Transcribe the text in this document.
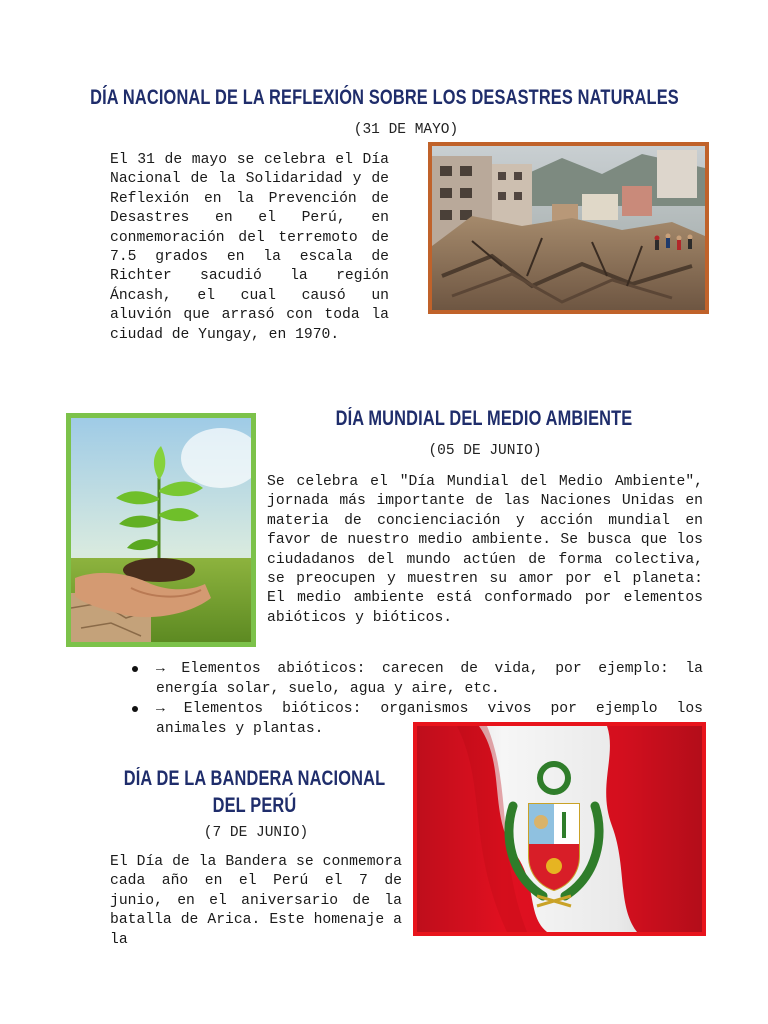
DÍA NACIONAL DE LA REFLEXIÓN SOBRE LOS DESASTRES NATURALES

(31 DE MAYO)

El 31 de mayo se celebra el Día Nacional de la Solidaridad y de Reflexión en la Prevención de Desastres en el Perú, en conmemoración del terremoto de 7.5 grados en la escala de Richter sacudió la región Áncash, el cual causó un aluvión que arrasó con toda la ciudad de Yungay, en 1970.

DÍA MUNDIAL DEL MEDIO AMBIENTE

(05 DE JUNIO)

Se celebra el "Día Mundial del Medio Ambiente", jornada más importante de las Naciones Unidas en materia de concienciación y acción mundial en favor de nuestro medio ambiente. Se busca que los ciudadanos del mundo actúen de forma colectiva, se preocupen y muestren su amor por el planeta: El medio ambiente está conformado por elementos abióticos y bióticos.

→ Elementos abióticos: carecen de vida, por ejemplo: la energía solar, suelo, agua y aire, etc.
→ Elementos bióticos: organismos vivos por ejemplo los animales y plantas.
DÍA DE LA BANDERA NACIONAL DEL PERÚ

(7 DE JUNIO)

El Día de la Bandera se conmemora cada año en el Perú el 7 de junio, en el aniversario de la batalla de Arica. Este homenaje a la
